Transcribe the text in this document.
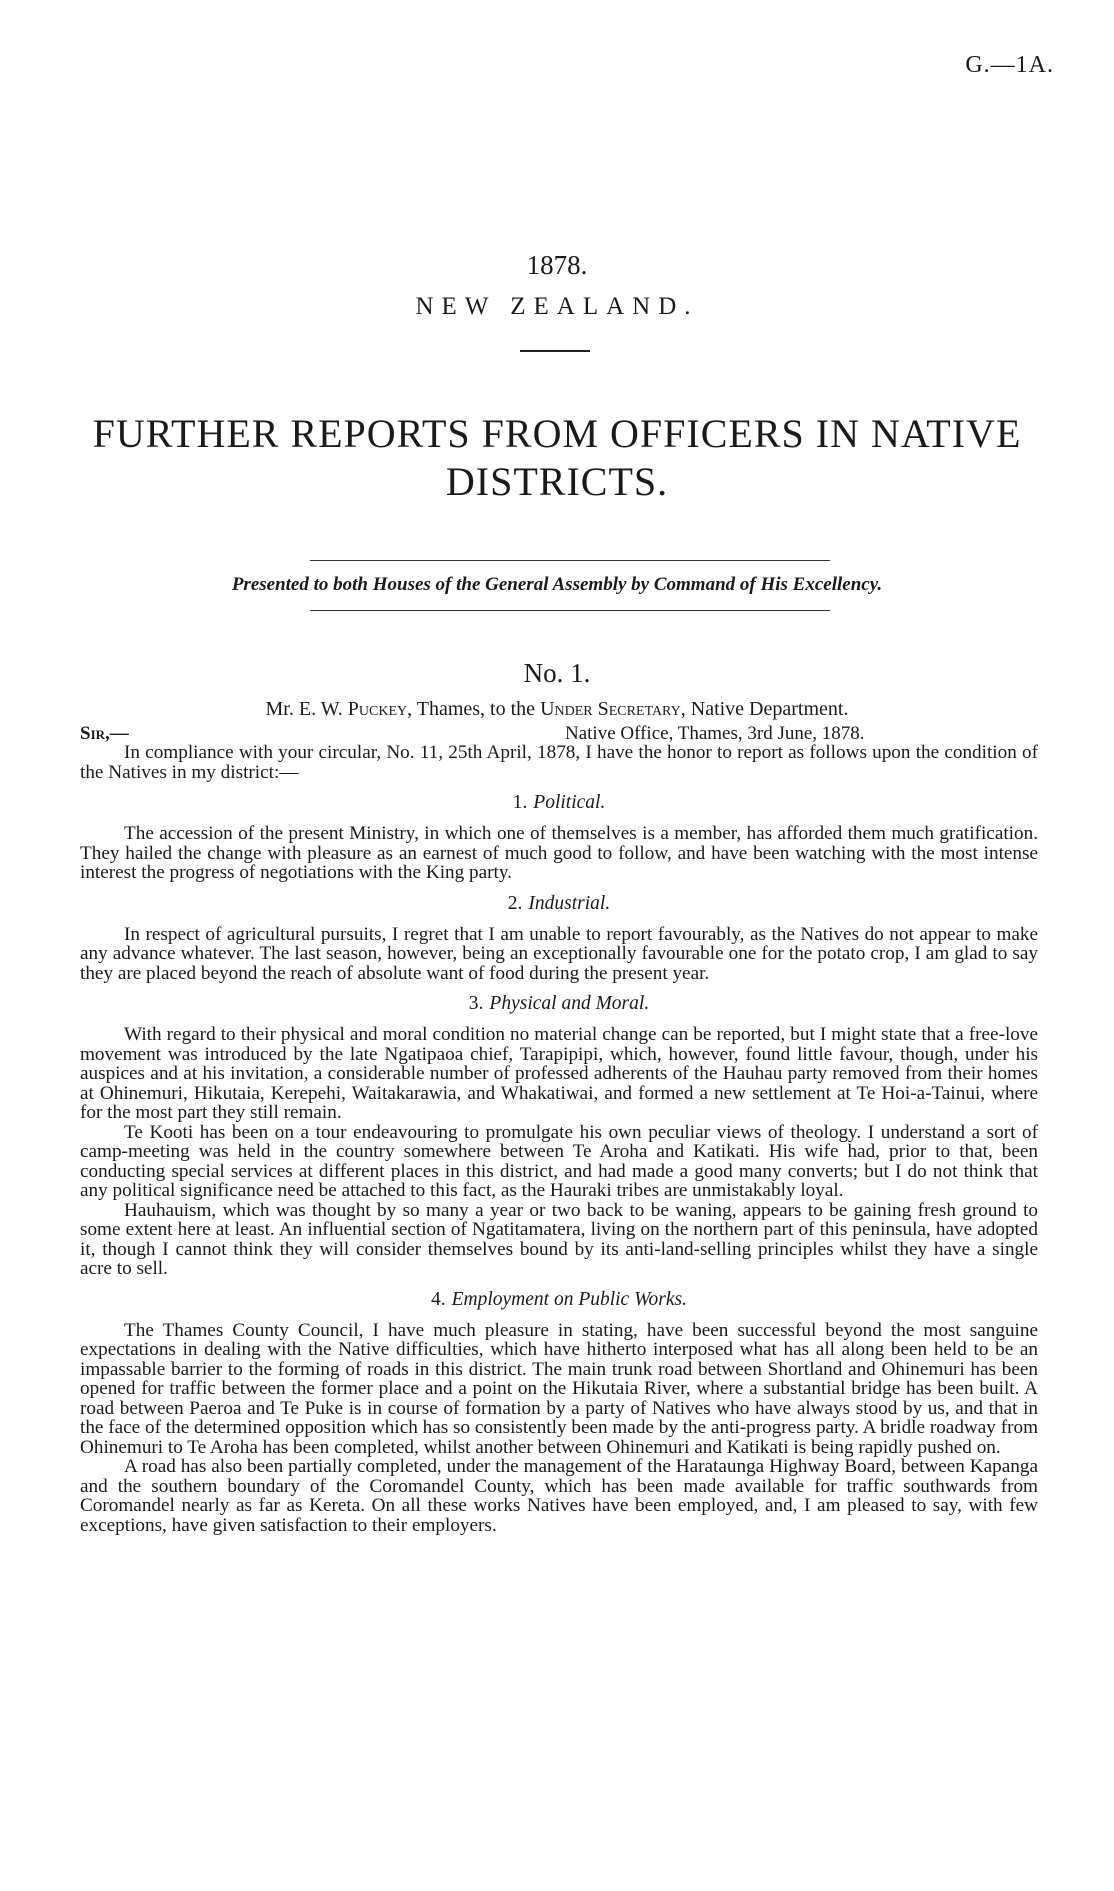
G.—1A.
1878.
NEW ZEALAND.
FURTHER REPORTS FROM OFFICERS IN NATIVE
DISTRICTS.
Presented to both Houses of the General Assembly by Command of His Excellency.
No. 1.
Mr. E. W. Puckey, Thames, to the Under Secretary, Native Department.
Sir,—	Native Office, Thames, 3rd June, 1878.

In compliance with your circular, No. 11, 25th April, 1878, I have the honor to report as follows upon the condition of the Natives in my district:—

1. Political.

The accession of the present Ministry, in which one of themselves is a member, has afforded them much gratification. They hailed the change with pleasure as an earnest of much good to follow, and have been watching with the most intense interest the progress of negotiations with the King party.

2. Industrial.

In respect of agricultural pursuits, I regret that I am unable to report favourably, as the Natives do not appear to make any advance whatever. The last season, however, being an exceptionally favourable one for the potato crop, I am glad to say they are placed beyond the reach of absolute want of food during the present year.

3. Physical and Moral.

With regard to their physical and moral condition no material change can be reported, but I might state that a free-love movement was introduced by the late Ngatipaoa chief, Tarapipipi, which, however, found little favour, though, under his auspices and at his invitation, a considerable number of professed adherents of the Hauhau party removed from their homes at Ohinemuri, Hikutaia, Kerepehi, Waitakarawia, and Whakatiwai, and formed a new settlement at Te Hoi-a-Tainui, where for the most part they still remain.

Te Kooti has been on a tour endeavouring to promulgate his own peculiar views of theology. I understand a sort of camp-meeting was held in the country somewhere between Te Aroha and Katikati. His wife had, prior to that, been conducting special services at different places in this district, and had made a good many converts; but I do not think that any political significance need be attached to this fact, as the Hauraki tribes are unmistakably loyal.

Hauhauism, which was thought by so many a year or two back to be waning, appears to be gaining fresh ground to some extent here at least. An influential section of Ngatitamatera, living on the northern part of this peninsula, have adopted it, though I cannot think they will consider themselves bound by its anti-land-selling principles whilst they have a single acre to sell.

4. Employment on Public Works.

The Thames County Council, I have much pleasure in stating, have been successful beyond the most sanguine expectations in dealing with the Native difficulties, which have hitherto interposed what has all along been held to be an impassable barrier to the forming of roads in this district. The main trunk road between Shortland and Ohinemuri has been opened for traffic between the former place and a point on the Hikutaia River, where a substantial bridge has been built. A road between Paeroa and Te Puke is in course of formation by a party of Natives who have always stood by us, and that in the face of the determined opposition which has so consistently been made by the anti-progress party. A bridle roadway from Ohinemuri to Te Aroha has been completed, whilst another between Ohinemuri and Katikati is being rapidly pushed on.

A road has also been partially completed, under the management of the Harataunga Highway Board, between Kapanga and the southern boundary of the Coromandel County, which has been made available for traffic southwards from Coromandel nearly as far as Kereta. On all these works Natives have been employed, and, I am pleased to say, with few exceptions, have given satisfaction to their employers.
